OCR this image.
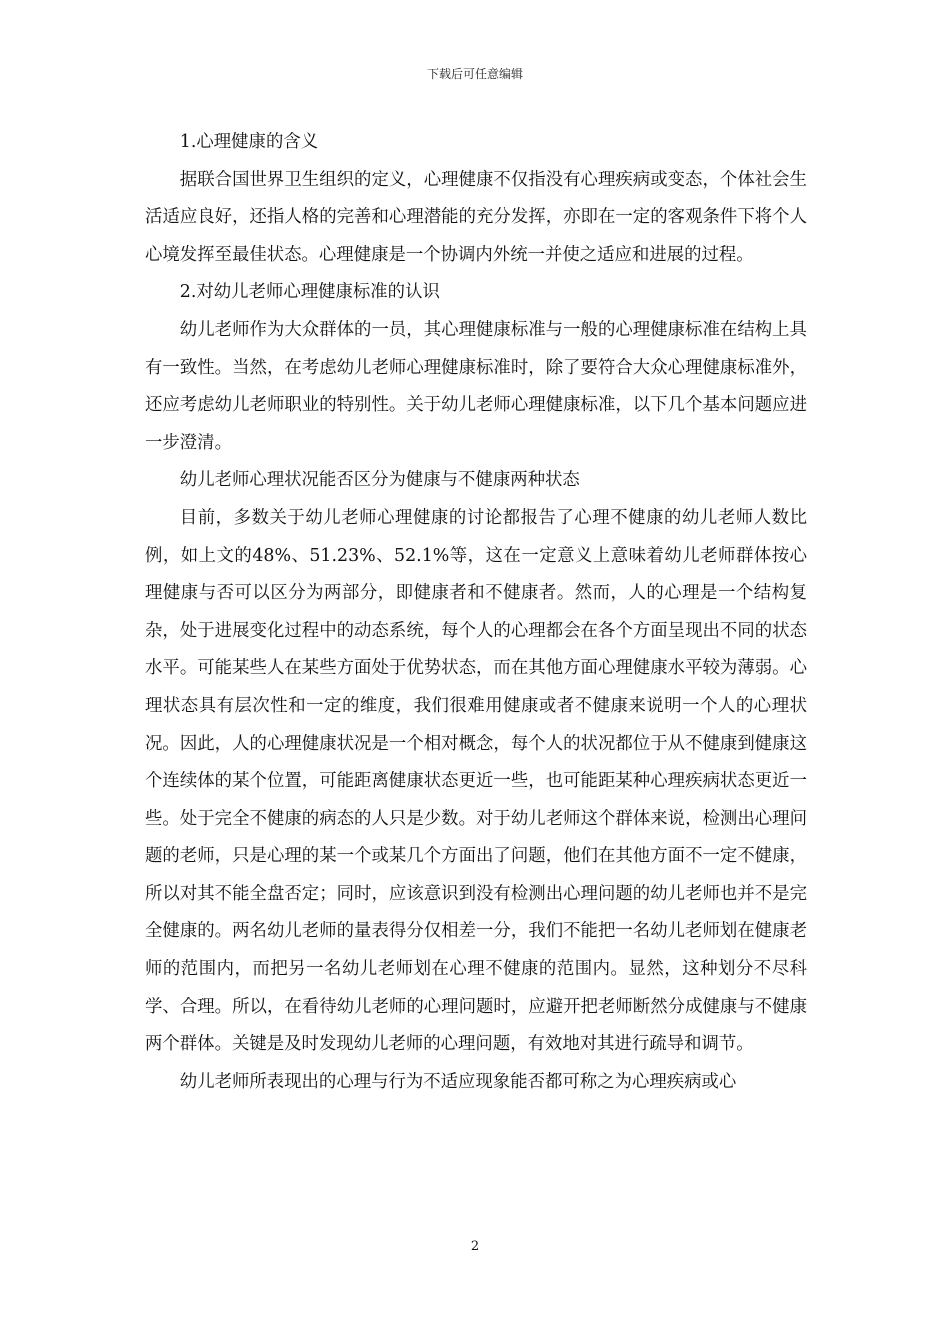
下载后可任意编辑

1.心理健康的含义

据联合国世界卫生组织的定义，心理健康不仅指没有心理疾病或变态，个体社会生活适应良好，还指人格的完善和心理潜能的充分发挥，亦即在一定的客观条件下将个人心境发挥至最佳状态。心理健康是一个协调内外统一并使之适应和进展的过程。

2.对幼儿老师心理健康标准的认识

幼儿老师作为大众群体的一员，其心理健康标准与一般的心理健康标准在结构上具有一致性。当然，在考虑幼儿老师心理健康标准时，除了要符合大众心理健康标准外，还应考虑幼儿老师职业的特别性。关于幼儿老师心理健康标准，以下几个基本问题应进一步澄清。

幼儿老师心理状况能否区分为健康与不健康两种状态

目前，多数关于幼儿老师心理健康的讨论都报告了心理不健康的幼儿老师人数比例，如上文的48%、51.23%、52.1%等，这在一定意义上意味着幼儿老师群体按心理健康与否可以区分为两部分，即健康者和不健康者。然而，人的心理是一个结构复杂，处于进展变化过程中的动态系统，每个人的心理都会在各个方面呈现出不同的状态水平。可能某些人在某些方面处于优势状态，而在其他方面心理健康水平较为薄弱。心理状态具有层次性和一定的维度，我们很难用健康或者不健康来说明一个人的心理状况。因此，人的心理健康状况是一个相对概念，每个人的状况都位于从不健康到健康这个连续体的某个位置，可能距离健康状态更近一些，也可能距某种心理疾病状态更近一些。处于完全不健康的病态的人只是少数。对于幼儿老师这个群体来说，检测出心理问题的老师，只是心理的某一个或某几个方面出了问题，他们在其他方面不一定不健康，所以对其不能全盘否定；同时，应该意识到没有检测出心理问题的幼儿老师也并不是完全健康的。两名幼儿老师的量表得分仅相差一分，我们不能把一名幼儿老师划在健康老师的范围内，而把另一名幼儿老师划在心理不健康的范围内。显然，这种划分不尽科学、合理。所以，在看待幼儿老师的心理问题时，应避开把老师断然分成健康与不健康两个群体。关键是及时发现幼儿老师的心理问题，有效地对其进行疏导和调节。

幼儿老师所表现出的心理与行为不适应现象能否都可称之为心理疾病或心

2
